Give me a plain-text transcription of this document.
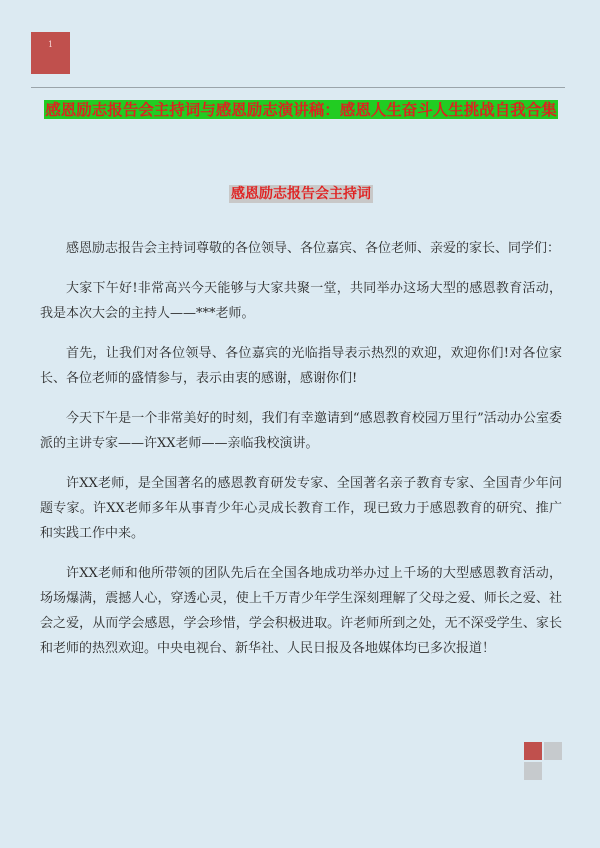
1
感恩励志报告会主持词与感恩励志演讲稿：感恩人生奋斗人生挑战自我合集
感恩励志报告会主持词

感恩励志报告会主持词尊敬的各位领导、各位嘉宾、各位老师、亲爱的家长、同学们：

大家下午好!非常高兴今天能够与大家共聚一堂，共同举办这场大型的感恩教育活动，我是本次大会的主持人——***老师。

首先，让我们对各位领导、各位嘉宾的光临指导表示热烈的欢迎，欢迎你们!对各位家长、各位老师的盛情参与，表示由衷的感谢，感谢你们!

今天下午是一个非常美好的时刻，我们有幸邀请到“感恩教育校园万里行”活动办公室委派的主讲专家——许XX老师——亲临我校演讲。

许XX老师，是全国著名的感恩教育研发专家、全国著名亲子教育专家、全国青少年问题专家。许XX老师多年从事青少年心灵成长教育工作，现已致力于感恩教育的研究、推广和实践工作中来。

许XX老师和他所带领的团队先后在全国各地成功举办过上千场的大型感恩教育活动，场场爆满，震撼人心，穿透心灵，使上千万青少年学生深刻理解了父母之爱、师长之爱、社会之爱，从而学会感恩，学会珍惜，学会积极进取。许老师所到之处，无不深受学生、家长和老师的热烈欢迎。中央电视台、新华社、人民日报及各地媒体均已多次报道！
